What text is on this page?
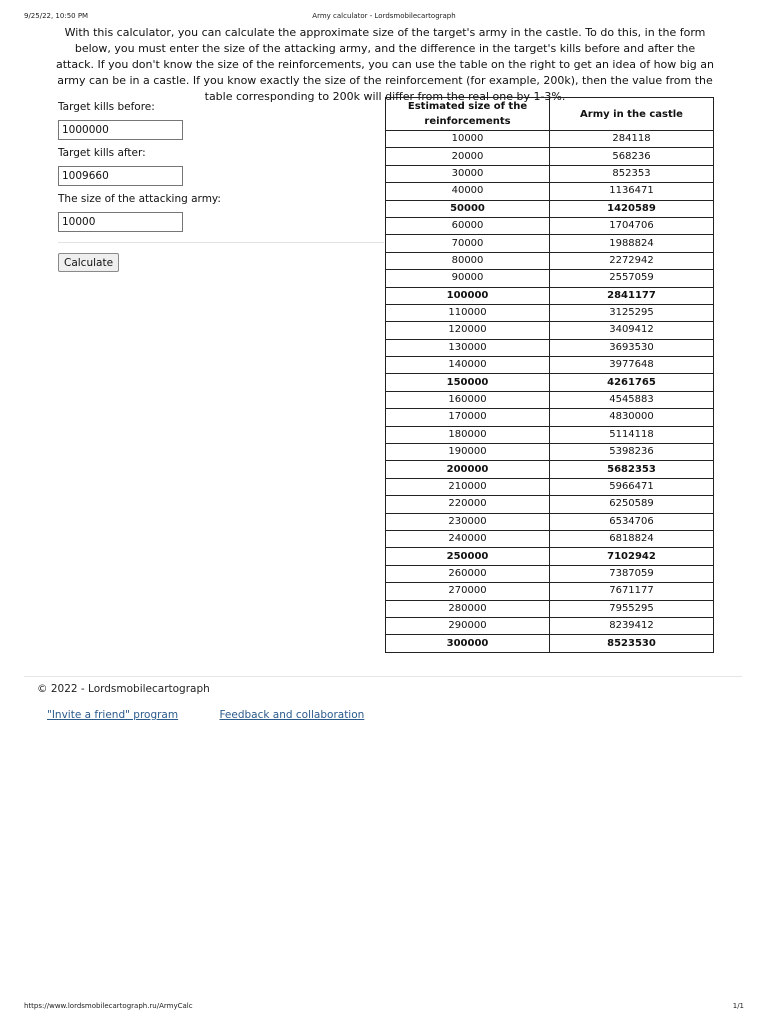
9/25/22, 10:50 PM	Army calculator - Lordsmobilecartograph
With this calculator, you can calculate the approximate size of the target's army in the castle. To do this, in the form below, you must enter the size of the attacking army, and the difference in the target's kills before and after the attack. If you don't know the size of the reinforcements, you can use the table on the right to get an idea of how big an army can be in a castle. If you know exactly the size of the reinforcement (for example, 200k), then the value from the table corresponding to 200k will differ from the real one by 1-3%.
Target kills before:
1000000
Target kills after:
1009660
The size of the attacking army:
10000
Calculate
Estimated size of the reinforcements	Army in the castle
10000	284118
20000	568236
30000	852353
40000	1136471
50000	1420589
60000	1704706
70000	1988824
80000	2272942
90000	2557059
100000	2841177
110000	3125295
120000	3409412
130000	3693530
140000	3977648
150000	4261765
160000	4545883
170000	4830000
180000	5114118
190000	5398236
200000	5682353
210000	5966471
220000	6250589
230000	6534706
240000	6818824
250000	7102942
260000	7387059
270000	7671177
280000	7955295
290000	8239412
300000	8523530
© 2022 - Lordsmobilecartograph
"Invite a friend" program	Feedback and collaboration
https://www.lordsmobilecartograph.ru/ArmyCalc	1/1
